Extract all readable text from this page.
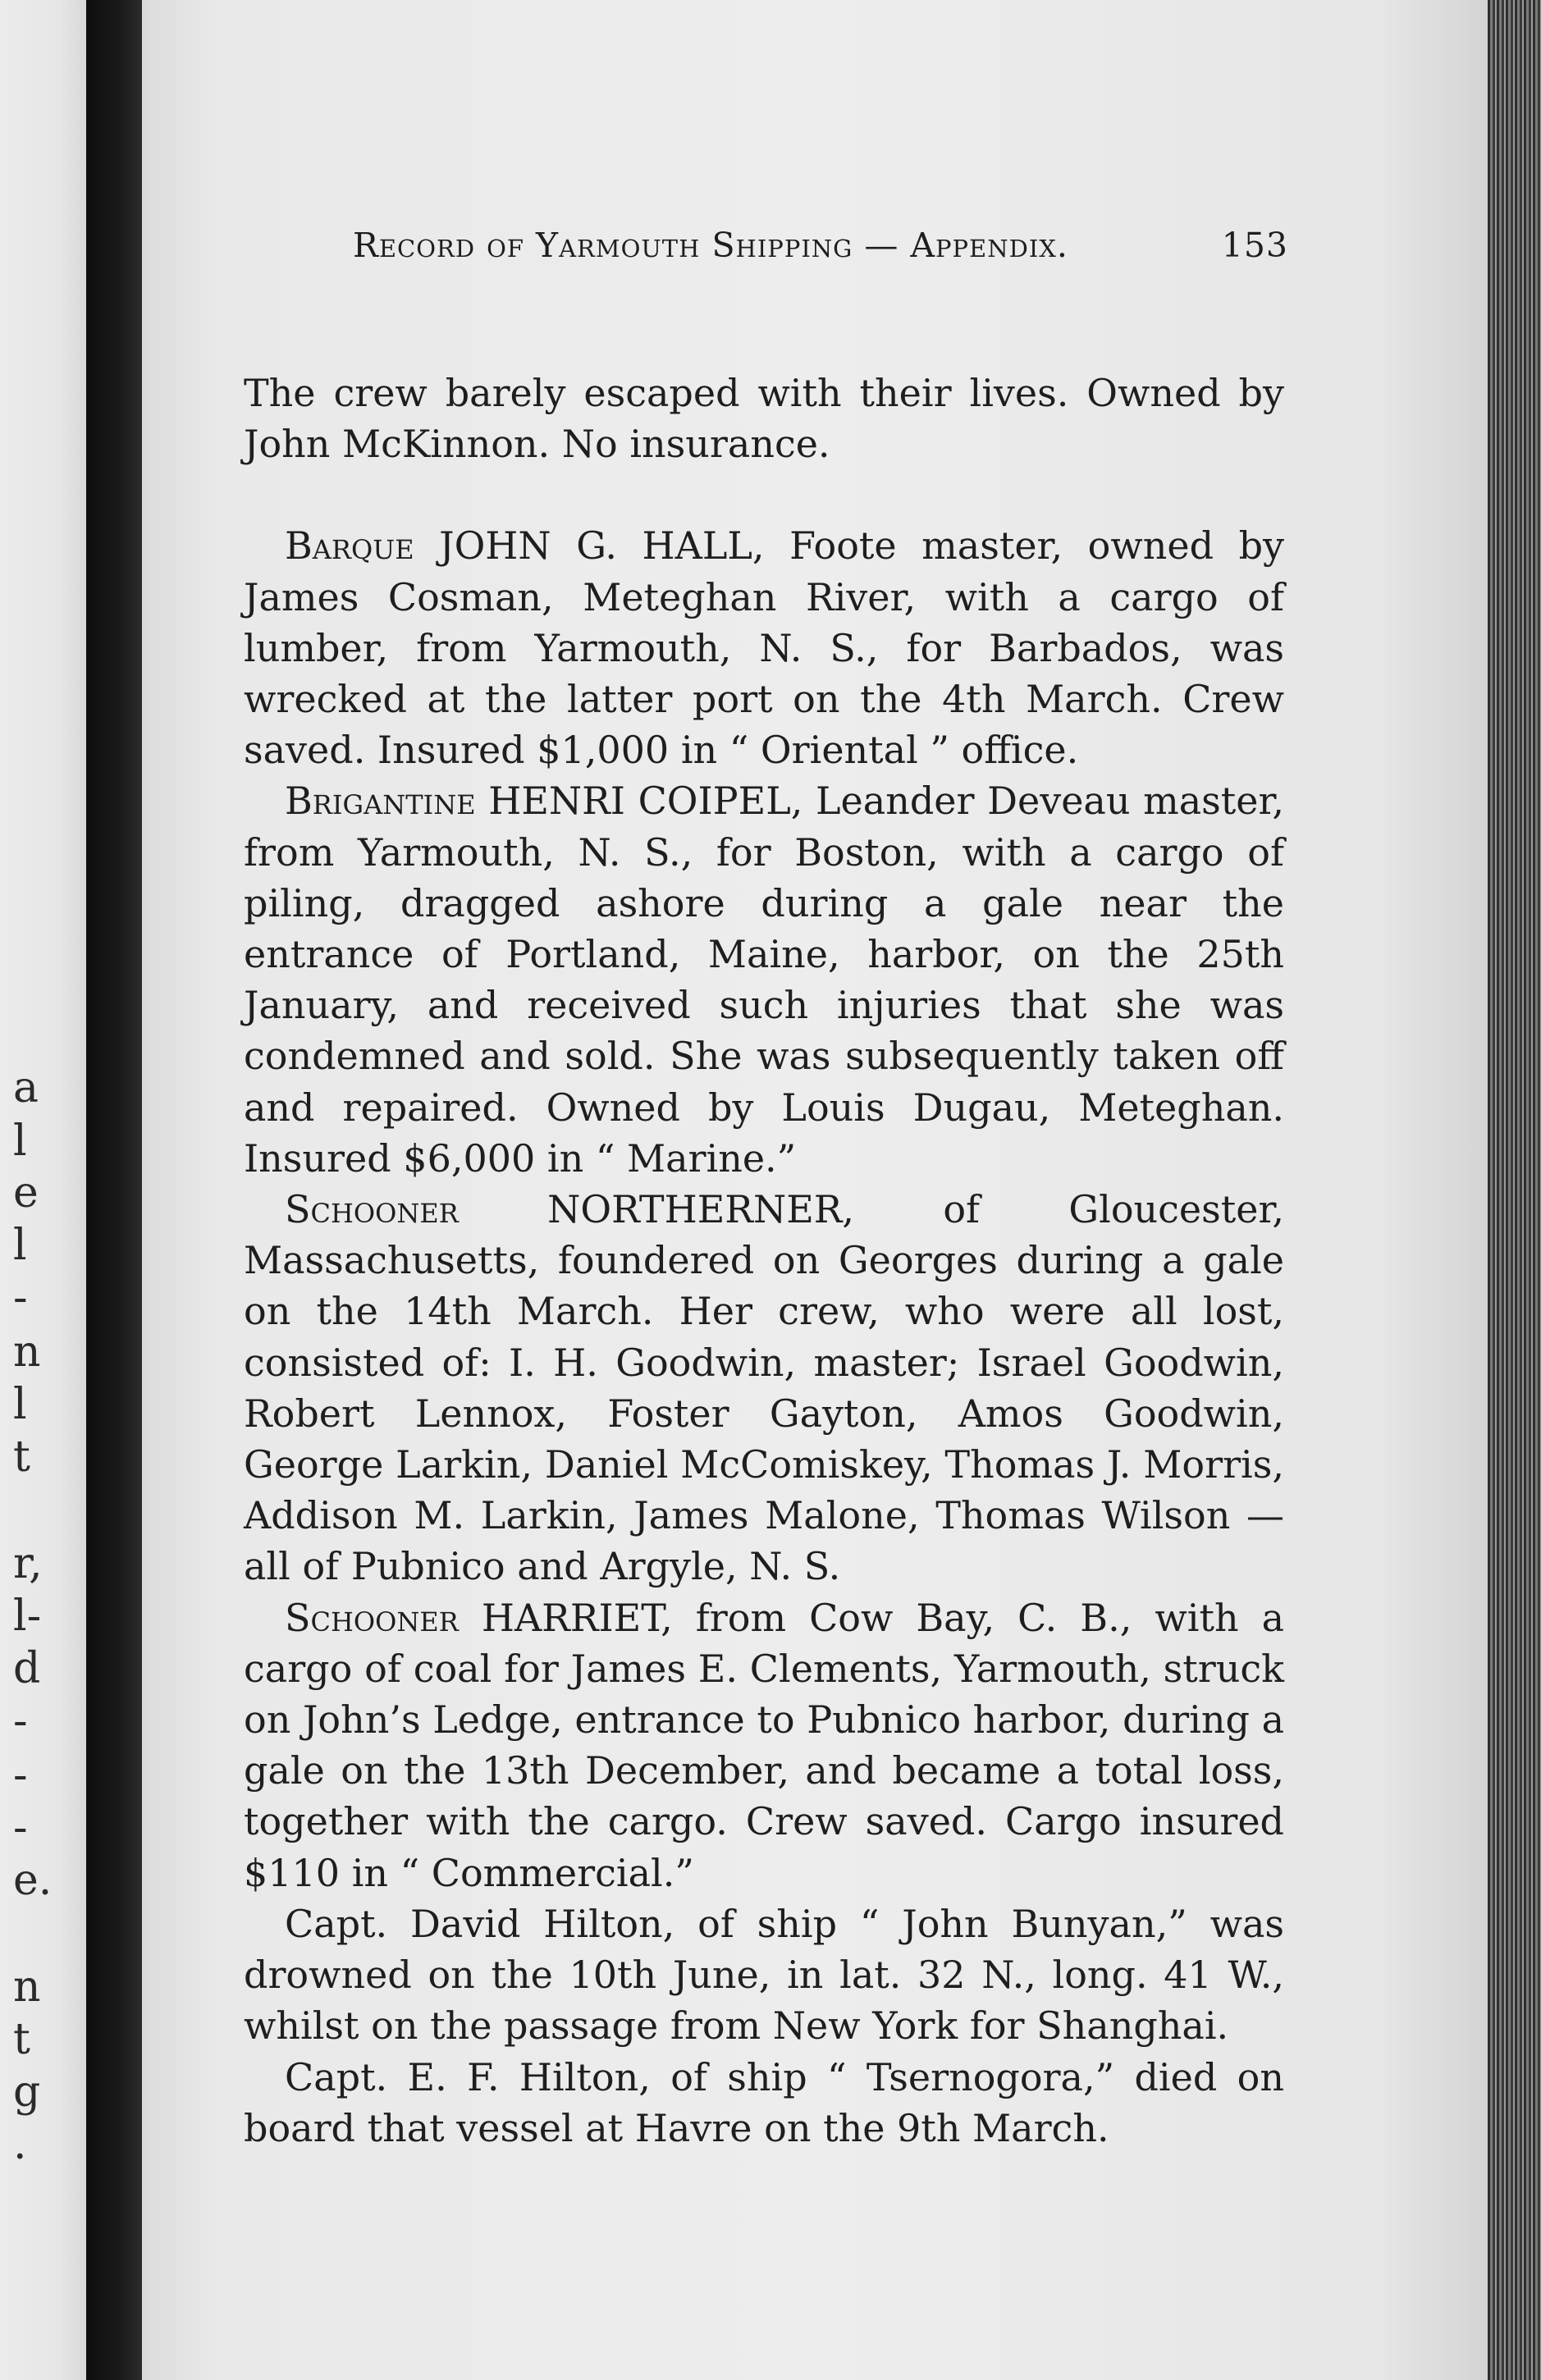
a
l
e
l
-
n
l
t
r,
l-
d
-
-
-
e.
n
t
g
.
Record of Yarmouth Shipping — Appendix.	153

The crew barely escaped with their lives. Owned by John McKinnon. No insurance.

Barque JOHN G. HALL, Foote master, owned by James Cosman, Meteghan River, with a cargo of lumber, from Yarmouth, N. S., for Barbados, was wrecked at the latter port on the 4th March. Crew saved. Insured $1,000 in “ Oriental ” office.

Brigantine HENRI COIPEL, Leander Deveau master, from Yarmouth, N. S., for Boston, with a cargo of piling, dragged ashore during a gale near the entrance of Portland, Maine, harbor, on the 25th January, and received such injuries that she was condemned and sold. She was subsequently taken off and repaired. Owned by Louis Dugau, Meteghan. Insured $6,000 in “ Marine.”

Schooner NORTHERNER, of Gloucester, Massachusetts, foundered on Georges during a gale on the 14th March. Her crew, who were all lost, consisted of: I. H. Goodwin, master; Israel Goodwin, Robert Lennox, Foster Gayton, Amos Goodwin, George Larkin, Daniel McComiskey, Thomas J. Morris, Addison M. Larkin, James Malone, Thomas Wilson — all of Pubnico and Argyle, N. S.

Schooner HARRIET, from Cow Bay, C. B., with a cargo of coal for James E. Clements, Yarmouth, struck on John’s Ledge, entrance to Pubnico harbor, during a gale on the 13th December, and became a total loss, together with the cargo. Crew saved. Cargo insured $110 in “ Commercial.”

Capt. David Hilton, of ship “ John Bunyan,” was drowned on the 10th June, in lat. 32 N., long. 41 W., whilst on the passage from New York for Shanghai.

Capt. E. F. Hilton, of ship “ Tsernogora,” died on board that vessel at Havre on the 9th March.
